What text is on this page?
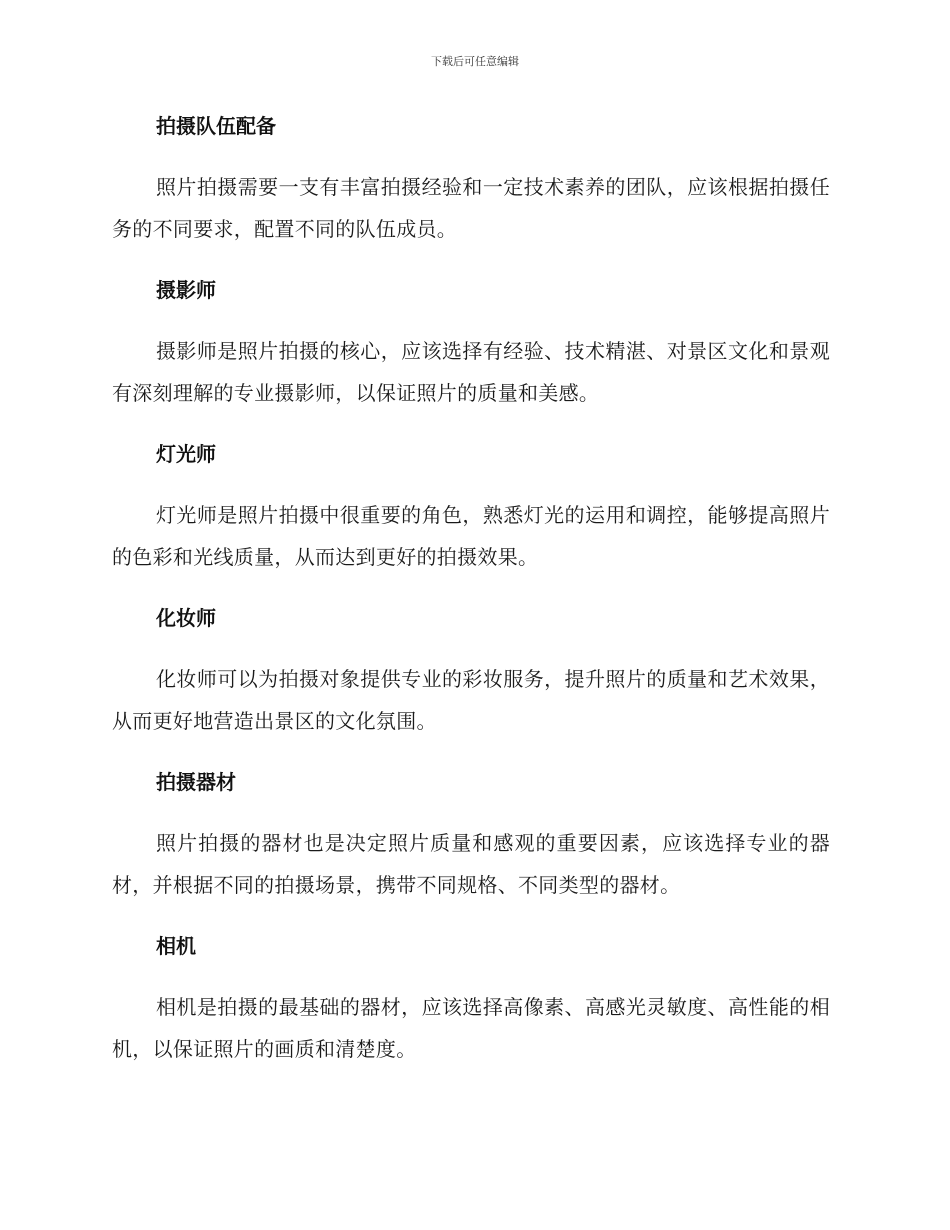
下载后可任意编辑
拍摄队伍配备

照片拍摄需要一支有丰富拍摄经验和一定技术素养的团队，应该根据拍摄任务的不同要求，配置不同的队伍成员。

摄影师

摄影师是照片拍摄的核心，应该选择有经验、技术精湛、对景区文化和景观有深刻理解的专业摄影师，以保证照片的质量和美感。

灯光师

灯光师是照片拍摄中很重要的角色，熟悉灯光的运用和调控，能够提高照片的色彩和光线质量，从而达到更好的拍摄效果。

化妆师

化妆师可以为拍摄对象提供专业的彩妆服务，提升照片的质量和艺术效果，从而更好地营造出景区的文化氛围。

拍摄器材

照片拍摄的器材也是决定照片质量和感观的重要因素，应该选择专业的器材，并根据不同的拍摄场景，携带不同规格、不同类型的器材。

相机

相机是拍摄的最基础的器材，应该选择高像素、高感光灵敏度、高性能的相机，以保证照片的画质和清楚度。
